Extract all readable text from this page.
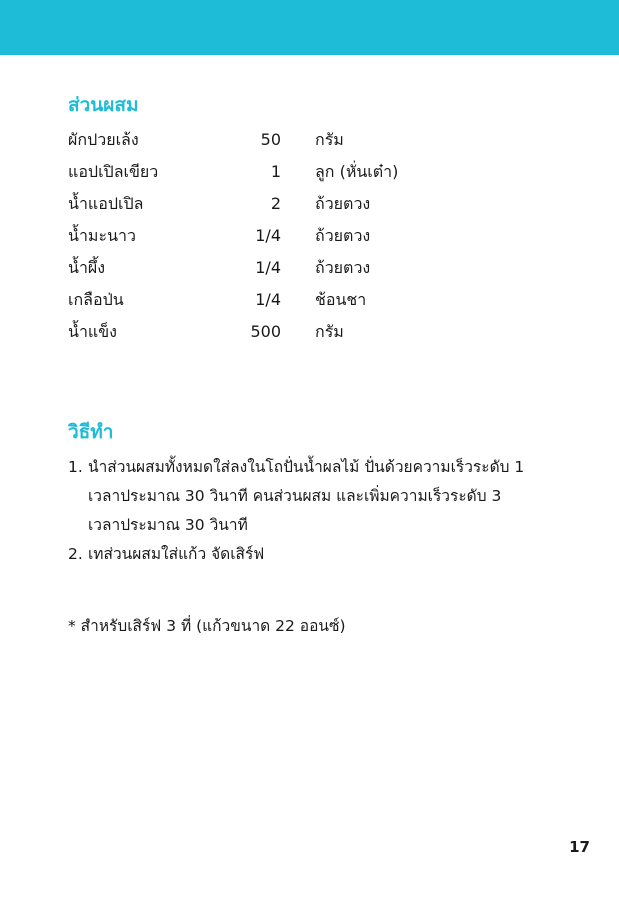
ส่วนผสม
ผักปวยเล้ง	50 กรัม
แอปเปิลเขียว	1 ลูก (หั่นเต๋า)
น้ำแอปเปิล	2 ถ้วยตวง
น้ำมะนาว	1/4 ถ้วยตวง
น้ำผึ้ง	1/4 ถ้วยตวง
เกลือป่น	1/4 ช้อนชา
น้ำแข็ง	500 กรัม
วิธีทำ
1. นำส่วนผสมทั้งหมดใส่ลงในโถปั่นน้ำผลไม้ ปั่นด้วยความเร็วระดับ 1
เวลาประมาณ 30 วินาที คนส่วนผสม และเพิ่มความเร็วระดับ 3
เวลาประมาณ 30 วินาที
2. เทส่วนผสมใส่แก้ว จัดเสิร์ฟ
* สำหรับเสิร์ฟ 3 ที่ (แก้วขนาด 22 ออนซ์)
17
